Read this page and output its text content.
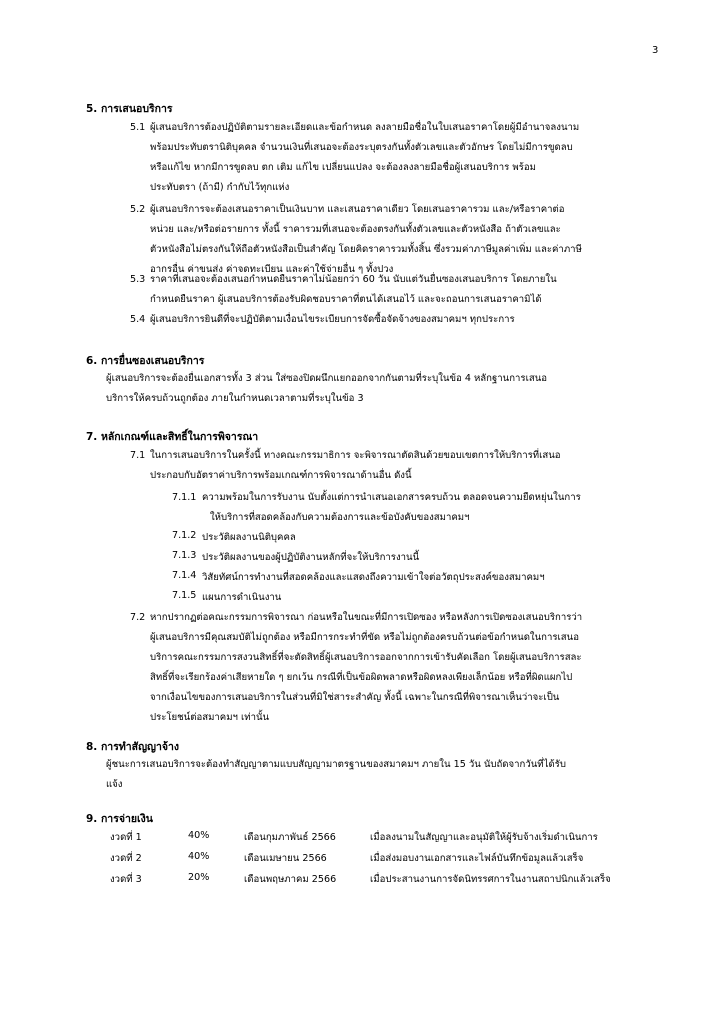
3
5. การเสนอบริการ
5.1 ผู้เสนอบริการต้องปฏิบัติตามรายละเอียดและข้อกำหนด ลงลายมือชื่อในใบเสนอราคาโดยผู้มีอำนาจลงนาม
พร้อมประทับตรานิติบุคคล จำนวนเงินที่เสนอจะต้องระบุตรงกันทั้งตัวเลขและตัวอักษร โดยไม่มีการขูดลบ
หรือแก้ไข หากมีการขูดลบ ตก เติม แก้ไข เปลี่ยนแปลง จะต้องลงลายมือชื่อผู้เสนอบริการ พร้อม
ประทับตรา (ถ้ามี) กำกับไว้ทุกแห่ง
5.2 ผู้เสนอบริการจะต้องเสนอราคาเป็นเงินบาท และเสนอราคาเดียว โดยเสนอราคารวม และ/หรือราคาต่อ
หน่วย และ/หรือต่อรายการ ทั้งนี้ ราคารวมที่เสนอจะต้องตรงกันทั้งตัวเลขและตัวหนังสือ ถ้าตัวเลขและ
ตัวหนังสือไม่ตรงกันให้ถือตัวหนังสือเป็นสำคัญ โดยคิดราคารวมทั้งสิ้น ซึ่งรวมค่าภาษีมูลค่าเพิ่ม และค่าภาษี
อากรอื่น ค่าขนส่ง ค่าจดทะเบียน และค่าใช้จ่ายอื่น ๆ ทั้งปวง
5.3 ราคาที่เสนอจะต้องเสนอกำหนดยืนราคาไม่น้อยกว่า 60 วัน นับแต่วันยื่นซองเสนอบริการ โดยภายใน
กำหนดยืนราคา ผู้เสนอบริการต้องรับผิดชอบราคาที่ตนได้เสนอไว้ และจะถอนการเสนอราคามิได้
5.4 ผู้เสนอบริการยินดีที่จะปฏิบัติตามเงื่อนไขระเบียบการจัดซื้อจัดจ้างของสมาคมฯ ทุกประการ
6. การยื่นซองเสนอบริการ
ผู้เสนอบริการจะต้องยื่นเอกสารทั้ง 3 ส่วน ใส่ซองปิดผนึกแยกออกจากกันตามที่ระบุในข้อ 4 หลักฐานการเสนอ
บริการให้ครบถ้วนถูกต้อง ภายในกำหนดเวลาตามที่ระบุในข้อ 3
7. หลักเกณฑ์และสิทธิ์ในการพิจารณา
7.1 ในการเสนอบริการในครั้งนี้ ทางคณะกรรมาธิการ จะพิจารณาตัดสินด้วยขอบเขตการให้บริการที่เสนอ
ประกอบกับอัตราค่าบริการพร้อมเกณฑ์การพิจารณาด้านอื่น ดังนี้
7.1.1 ความพร้อมในการรับงาน นับตั้งแต่การนำเสนอเอกสารครบถ้วน ตลอดจนความยืดหยุ่นในการ
ให้บริการที่สอดคล้องกับความต้องการและข้อบังคับของสมาคมฯ
7.1.2 ประวัติผลงานนิติบุคคล
7.1.3 ประวัติผลงานของผู้ปฏิบัติงานหลักที่จะให้บริการงานนี้
7.1.4 วิสัยทัศน์การทำงานที่สอดคล้องและแสดงถึงความเข้าใจต่อวัตถุประสงค์ของสมาคมฯ
7.1.5 แผนการดำเนินงาน
7.2 หากปรากฏต่อคณะกรรมการพิจารณา ก่อนหรือในขณะที่มีการเปิดซอง หรือหลังการเปิดซองเสนอบริการว่า
ผู้เสนอบริการมีคุณสมบัติไม่ถูกต้อง หรือมีการกระทำที่ขัด หรือไม่ถูกต้องครบถ้วนต่อข้อกำหนดในการเสนอ
บริการคณะกรรมการสงวนสิทธิ์ที่จะตัดสิทธิ์ผู้เสนอบริการออกจากการเข้ารับคัดเลือก โดยผู้เสนอบริการสละ
สิทธิ์ที่จะเรียกร้องค่าเสียหายใด ๆ ยกเว้น กรณีที่เป็นข้อผิดพลาดหรือผิดหลงเพียงเล็กน้อย หรือที่ผิดแผกไป
จากเงื่อนไขของการเสนอบริการในส่วนที่มิใช่สาระสำคัญ ทั้งนี้ เฉพาะในกรณีที่พิจารณาเห็นว่าจะเป็น
ประโยชน์ต่อสมาคมฯ เท่านั้น
8. การทำสัญญาจ้าง
ผู้ชนะการเสนอบริการจะต้องทำสัญญาตามแบบสัญญามาตรฐานของสมาคมฯ ภายใน 15 วัน นับถัดจากวันที่ได้รับ
แจ้ง
9. การจ่ายเงิน
งวดที่ 1	40%	เดือนกุมภาพันธ์ 2566	เมื่อลงนามในสัญญาและอนุมัติให้ผู้รับจ้างเริ่มดำเนินการ
งวดที่ 2	40%	เดือนเมษายน 2566	เมื่อส่งมอบงานเอกสารและไฟล์บันทึกข้อมูลแล้วเสร็จ
งวดที่ 3	20%	เดือนพฤษภาคม 2566	เมื่อประสานงานการจัดนิทรรศการในงานสถาปนิกแล้วเสร็จ
